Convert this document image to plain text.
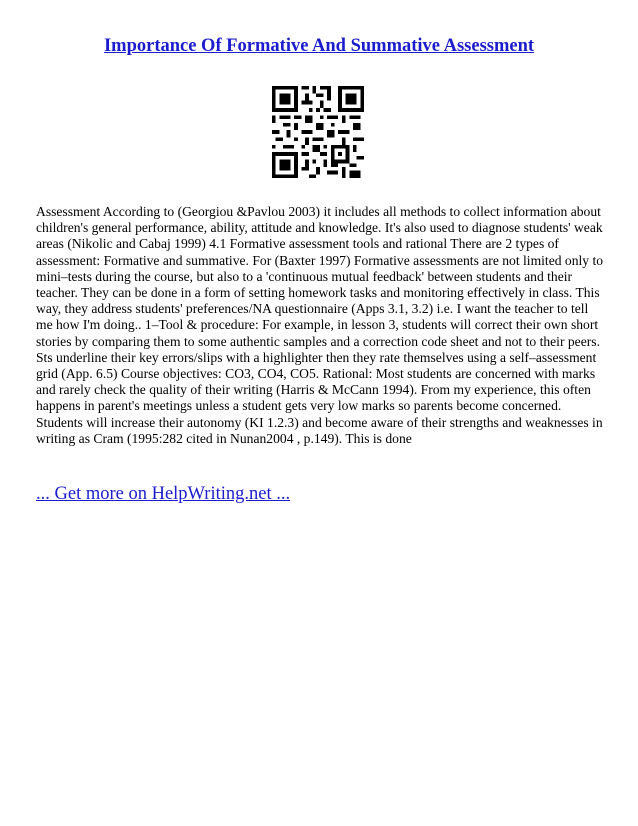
Importance Of Formative And Summative Assessment
Assessment According to (Georgiou &Pavlou 2003) it includes all methods to collect information about children's general performance, ability, attitude and knowledge. It's also used to diagnose students' weak areas (Nikolic and Cabaj 1999) 4.1 Formative assessment tools and rational There are 2 types of assessment: Formative and summative. For (Baxter 1997) Formative assessments are not limited only to mini–tests during the course, but also to a 'continuous mutual feedback' between students and their teacher. They can be done in a form of setting homework tasks and monitoring effectively in class. This way, they address students' preferences/NA questionnaire (Apps 3.1, 3.2) i.e. I want the teacher to tell me how I'm doing.. 1–Tool & procedure: For example, in lesson 3, students will correct their own short stories by comparing them to some authentic samples and a correction code sheet and not to their peers. Sts underline their key errors/slips with a highlighter then they rate themselves using a self–assessment grid (App. 6.5) Course objectives: CO3, CO4, CO5. Rational: Most students are concerned with marks and rarely check the quality of their writing (Harris & McCann 1994). From my experience, this often happens in parent's meetings unless a student gets very low marks so parents become concerned. Students will increase their autonomy (KI 1.2.3) and become aware of their strengths and weaknesses in writing as Cram (1995:282 cited in Nunan2004 , p.149). This is done
... Get more on HelpWriting.net ...
